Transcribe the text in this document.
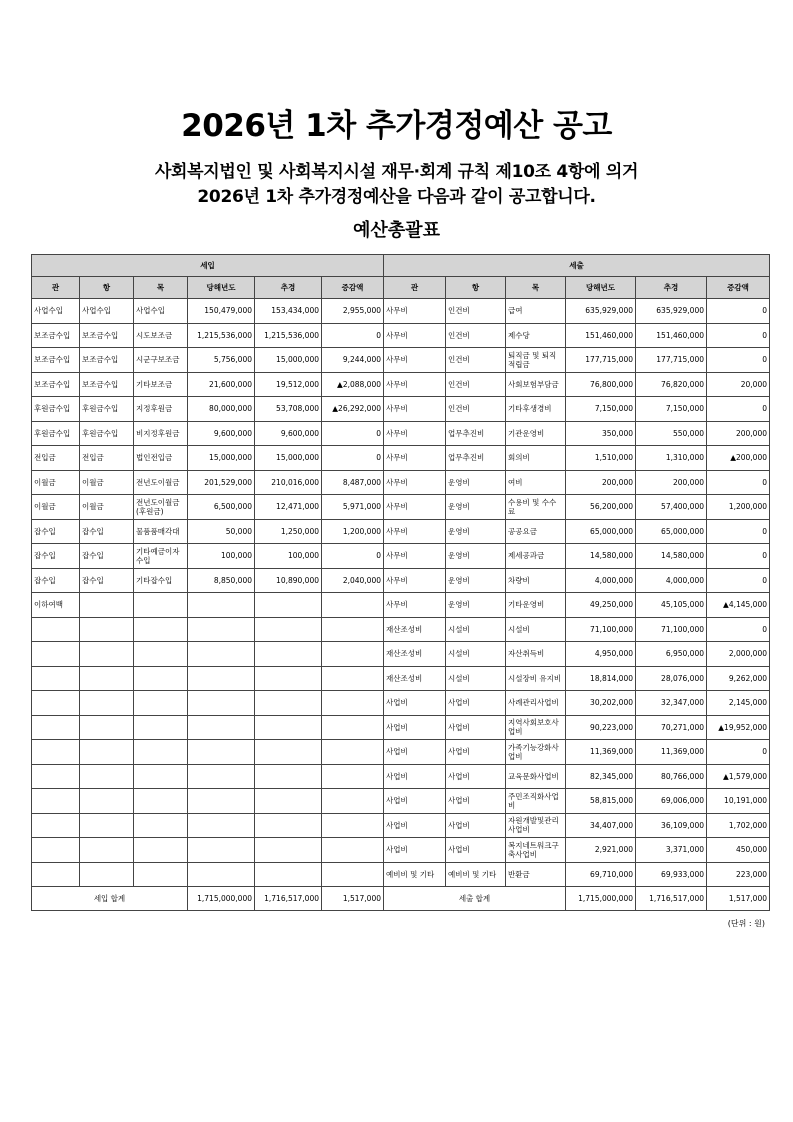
2026년 1차 추가경정예산 공고
사회복지법인 및 사회복지시설 재무·회계 규칙 제10조 4항에 의거
2026년 1차 추가경정예산을 다음과 같이 공고합니다.
예산총괄표
세입						세출					
관	항	목	당해년도	추경	증감액	관	항	목	당해년도	추경	증감액
사업수입	사업수입	사업수입	150,479,000	153,434,000	2,955,000	사무비	인건비	급여	635,929,000	635,929,000	0
보조금수입	보조금수입	시도보조금	1,215,536,000	1,215,536,000	0	사무비	인건비	제수당	151,460,000	151,460,000	0
보조금수입	보조금수입	시군구보조금	5,756,000	15,000,000	9,244,000	사무비	인건비	퇴직금 및 퇴직적립금	177,715,000	177,715,000	0
보조금수입	보조금수입	기타보조금	21,600,000	19,512,000	▲2,088,000	사무비	인건비	사회보험부담금	76,800,000	76,820,000	20,000
후원금수입	후원금수입	지정후원금	80,000,000	53,708,000	▲26,292,000	사무비	인건비	기타후생경비	7,150,000	7,150,000	0
후원금수입	후원금수입	비지정후원금	9,600,000	9,600,000	0	사무비	업무추진비	기관운영비	350,000	550,000	200,000
전입금	전입금	법인전입금	15,000,000	15,000,000	0	사무비	업무추진비	회의비	1,510,000	1,310,000	▲200,000
이월금	이월금	전년도이월금	201,529,000	210,016,000	8,487,000	사무비	운영비	여비	200,000	200,000	0
이월금	이월금	전년도이월금(후원금)	6,500,000	12,471,000	5,971,000	사무비	운영비	수용비 및 수수료	56,200,000	57,400,000	1,200,000
잡수입	잡수입	물품품매각대	50,000	1,250,000	1,200,000	사무비	운영비	공공요금	65,000,000	65,000,000	0
잡수입	잡수입	기타예금이자수입	100,000	100,000	0	사무비	운영비	제세공과금	14,580,000	14,580,000	0
잡수입	잡수입	기타잡수입	8,850,000	10,890,000	2,040,000	사무비	운영비	차량비	4,000,000	4,000,000	0
이하여백						사무비	운영비	기타운영비	49,250,000	45,105,000	▲4,145,000
						재산조성비	시설비	시설비	71,100,000	71,100,000	0
						재산조성비	시설비	자산취득비	4,950,000	6,950,000	2,000,000
						재산조성비	시설비	시설장비 유지비	18,814,000	28,076,000	9,262,000
						사업비	사업비	사례관리사업비	30,202,000	32,347,000	2,145,000
						사업비	사업비	지역사회보호사업비	90,223,000	70,271,000	▲19,952,000
						사업비	사업비	가족기능강화사업비	11,369,000	11,369,000	0
						사업비	사업비	교육문화사업비	82,345,000	80,766,000	▲1,579,000
						사업비	사업비	주민조직화사업비	58,815,000	69,006,000	10,191,000
						사업비	사업비	자원개발및관리사업비	34,407,000	36,109,000	1,702,000
						사업비	사업비	복지네트워크구축사업비	2,921,000	3,371,000	450,000
						예비비 및 기타	예비비 및 기타	반환금	69,710,000	69,933,000	223,000
세입 합계			1,715,000,000	1,716,517,000	1,517,000	세출 합계			1,715,000,000	1,716,517,000	1,517,000
(단위 : 원)
